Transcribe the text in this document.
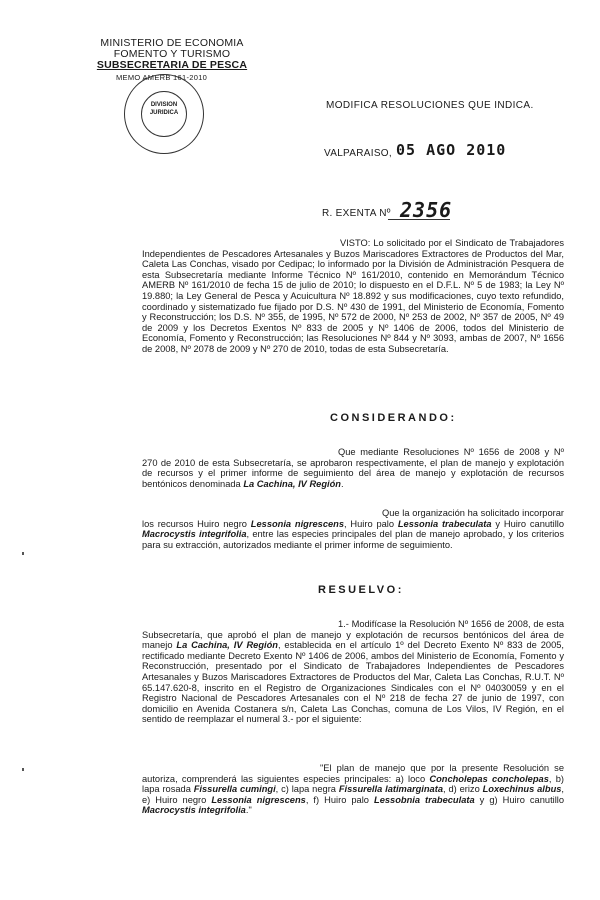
MINISTERIO DE ECONOMIA
FOMENTO Y TURISMO
SUBSECRETARIA DE PESCA
MEMO AMERB 161-2010
DIVISION
JURIDICA
MODIFICA RESOLUCIONES QUE INDICA.
VALPARAISO, 05 AGO 2010
R. EXENTA Nº 2356
VISTO: Lo solicitado por el Sindicato de Trabajadores Independientes de Pescadores Artesanales y Buzos Mariscadores Extractores de Productos del Mar, Caleta Las Conchas, visado por Cedipac; lo informado por la División de Administración Pesquera de esta Subsecretaría mediante Informe Técnico Nº 161/2010, contenido en Memorándum Técnico AMERB Nº 161/2010 de fecha 15 de julio de 2010; lo dispuesto en el D.F.L. Nº 5 de 1983; la Ley Nº 19.880; la Ley General de Pesca y Acuicultura Nº 18.892 y sus modificaciones, cuyo texto refundido, coordinado y sistematizado fue fijado por D.S. Nº 430 de 1991, del Ministerio de Economía, Fomento y Reconstrucción; los D.S. Nº 355, de 1995, Nº 572 de 2000, Nº 253 de 2002, Nº 357 de 2005, Nº 49 de 2009 y los Decretos Exentos Nº 833 de 2005 y Nº 1406 de 2006, todos del Ministerio de Economía, Fomento y Reconstrucción; las Resoluciones Nº 844 y Nº 3093, ambas de 2007, Nº 1656 de 2008, Nº 2078 de 2009 y Nº 270 de 2010, todas de esta Subsecretaría.
CONSIDERANDO:
Que mediante Resoluciones Nº 1656 de 2008 y Nº 270 de 2010 de esta Subsecretaría, se aprobaron respectivamente, el plan de manejo y explotación de recursos y el primer informe de seguimiento del área de manejo y explotación de recursos bentónicos denominada La Cachina, IV Región.
Que la organización ha solicitado incorporar los recursos Huiro negro Lessonia nigrescens, Huiro palo Lessonia trabeculata y Huiro canutillo Macrocystis integrifolia, entre las especies principales del plan de manejo aprobado, y los criterios para su extracción, autorizados mediante el primer informe de seguimiento.
RESUELVO:
1.- Modifícase la Resolución Nº 1656 de 2008, de esta Subsecretaría, que aprobó el plan de manejo y explotación de recursos bentónicos del área de manejo La Cachina, IV Región, establecida en el artículo 1º del Decreto Exento Nº 833 de 2005, rectificado mediante Decreto Exento Nº 1406 de 2006, ambos del Ministerio de Economía, Fomento y Reconstrucción, presentado por el Sindicato de Trabajadores Independientes de Pescadores Artesanales y Buzos Mariscadores Extractores de Productos del Mar, Caleta Las Conchas, R.U.T. Nº 65.147.620-8, inscrito en el Registro de Organizaciones Sindicales con el Nº 04030059 y en el Registro Nacional de Pescadores Artesanales con el Nº 218 de fecha 27 de junio de 1997, con domicilio en Avenida Costanera s/n, Caleta Las Conchas, comuna de Los Vilos, IV Región, en el sentido de reemplazar el numeral 3.- por el siguiente:
"El plan de manejo que por la presente Resolución se autoriza, comprenderá las siguientes especies principales: a) loco Concholepas concholepas, b) lapa rosada Fissurella cumingi, c) lapa negra Fissurella latimarginata, d) erizo Loxechinus albus, e) Huiro negro Lessonia nigrescens, f) Huiro palo Lessobnia trabeculata y g) Huiro canutillo Macrocystis integrifolia."
